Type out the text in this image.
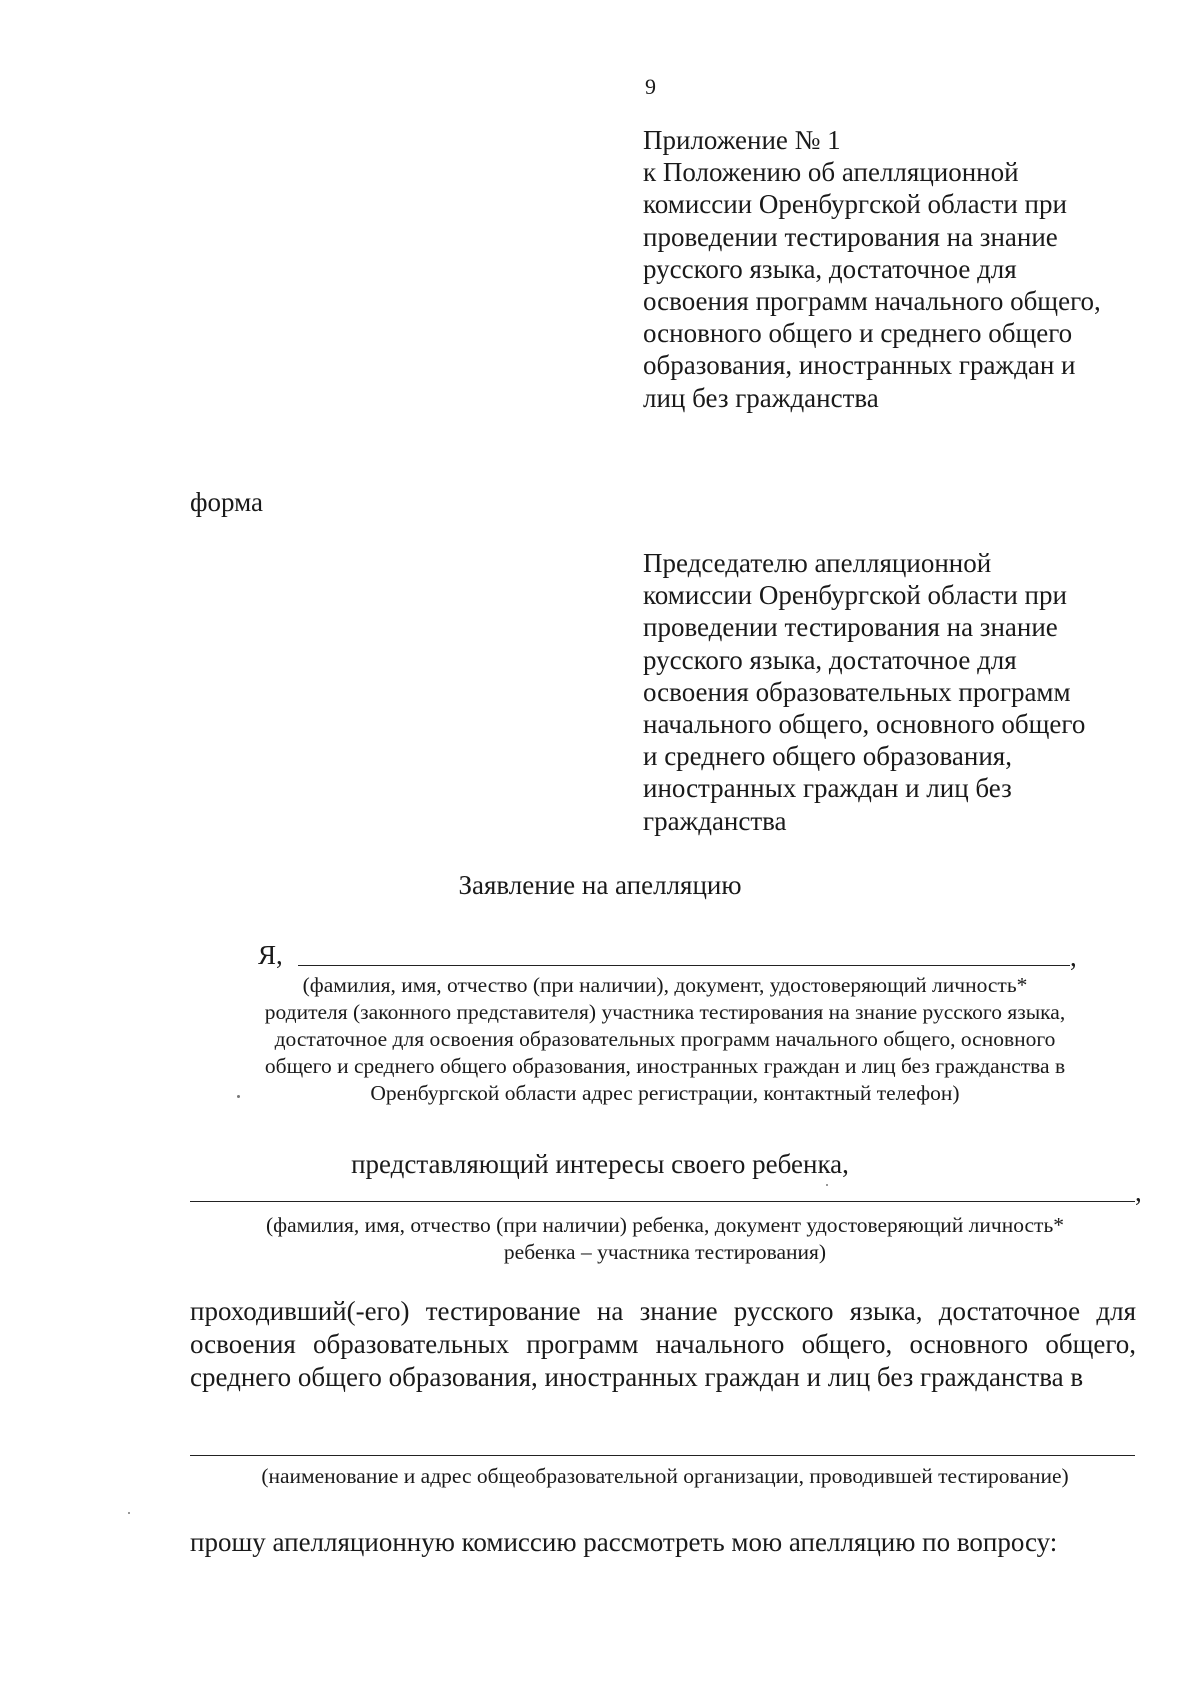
9
Приложение № 1
к Положению об апелляционной
комиссии Оренбургской области при
проведении тестирования на знание
русского языка, достаточное для
освоения программ начального общего,
основного общего и среднего общего
образования, иностранных граждан и
лиц без гражданства
форма
Председателю апелляционной
комиссии Оренбургской области при
проведении тестирования на знание
русского языка, достаточное для
освоения образовательных программ
начального общего, основного общего
и среднего общего образования,
иностранных граждан и лиц без
гражданства
Заявление на апелляцию
Я,	,
(фамилия, имя, отчество (при наличии), документ, удостоверяющий личность*
родителя (законного представителя) участника тестирования на знание русского языка,
достаточное для освоения образовательных программ начального общего, основного
общего и среднего общего образования, иностранных граждан и лиц без гражданства в
Оренбургской области адрес регистрации, контактный телефон)
представляющий интересы своего ребенка,
,
(фамилия, имя, отчество (при наличии) ребенка, документ удостоверяющий личность*
ребенка – участника тестирования)
проходивший(-его) тестирование на знание русского языка, достаточное для освоения образовательных программ начального общего, основного общего, среднего общего образования, иностранных граждан и лиц без гражданства в
(наименование и адрес общеобразовательной организации, проводившей тестирование)
прошу апелляционную комиссию рассмотреть мою апелляцию по вопросу:
